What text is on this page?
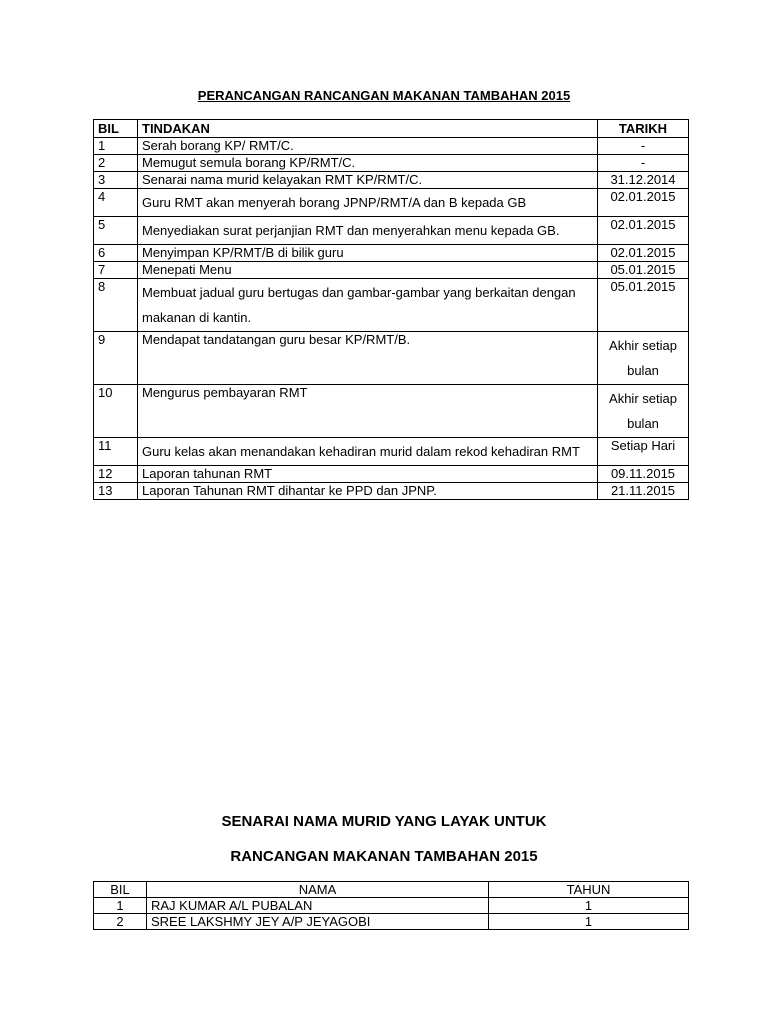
PERANCANGAN RANCANGAN MAKANAN TAMBAHAN 2015
BIL	TINDAKAN	TARIKH
1	Serah borang KP/ RMT/C.	-
2	Memugut semula borang KP/RMT/C.	-
3	Senarai nama murid kelayakan RMT KP/RMT/C.	31.12.2014
4	Guru RMT akan menyerah borang JPNP/RMT/A dan B kepada GB	02.01.2015
5	Menyediakan surat perjanjian RMT dan menyerahkan menu kepada GB.	02.01.2015
6	Menyimpan KP/RMT/B di bilik guru	02.01.2015
7	Menepati Menu	05.01.2015
8	Membuat jadual guru bertugas dan gambar-gambar yang berkaitan dengan makanan di kantin.	05.01.2015
9	Mendapat tandatangan guru besar KP/RMT/B.	Akhir setiap bulan
10	Mengurus pembayaran RMT	Akhir setiap bulan
11	Guru kelas akan menandakan kehadiran murid dalam rekod kehadiran RMT	Setiap Hari
12	Laporan tahunan RMT	09.11.2015
13	Laporan Tahunan RMT dihantar ke PPD dan JPNP.	21.11.2015
SENARAI NAMA MURID YANG LAYAK UNTUK
RANCANGAN MAKANAN TAMBAHAN 2015
BIL	NAMA	TAHUN
1	RAJ KUMAR A/L PUBALAN	1
2	SREE LAKSHMY JEY A/P JEYAGOBI	1
